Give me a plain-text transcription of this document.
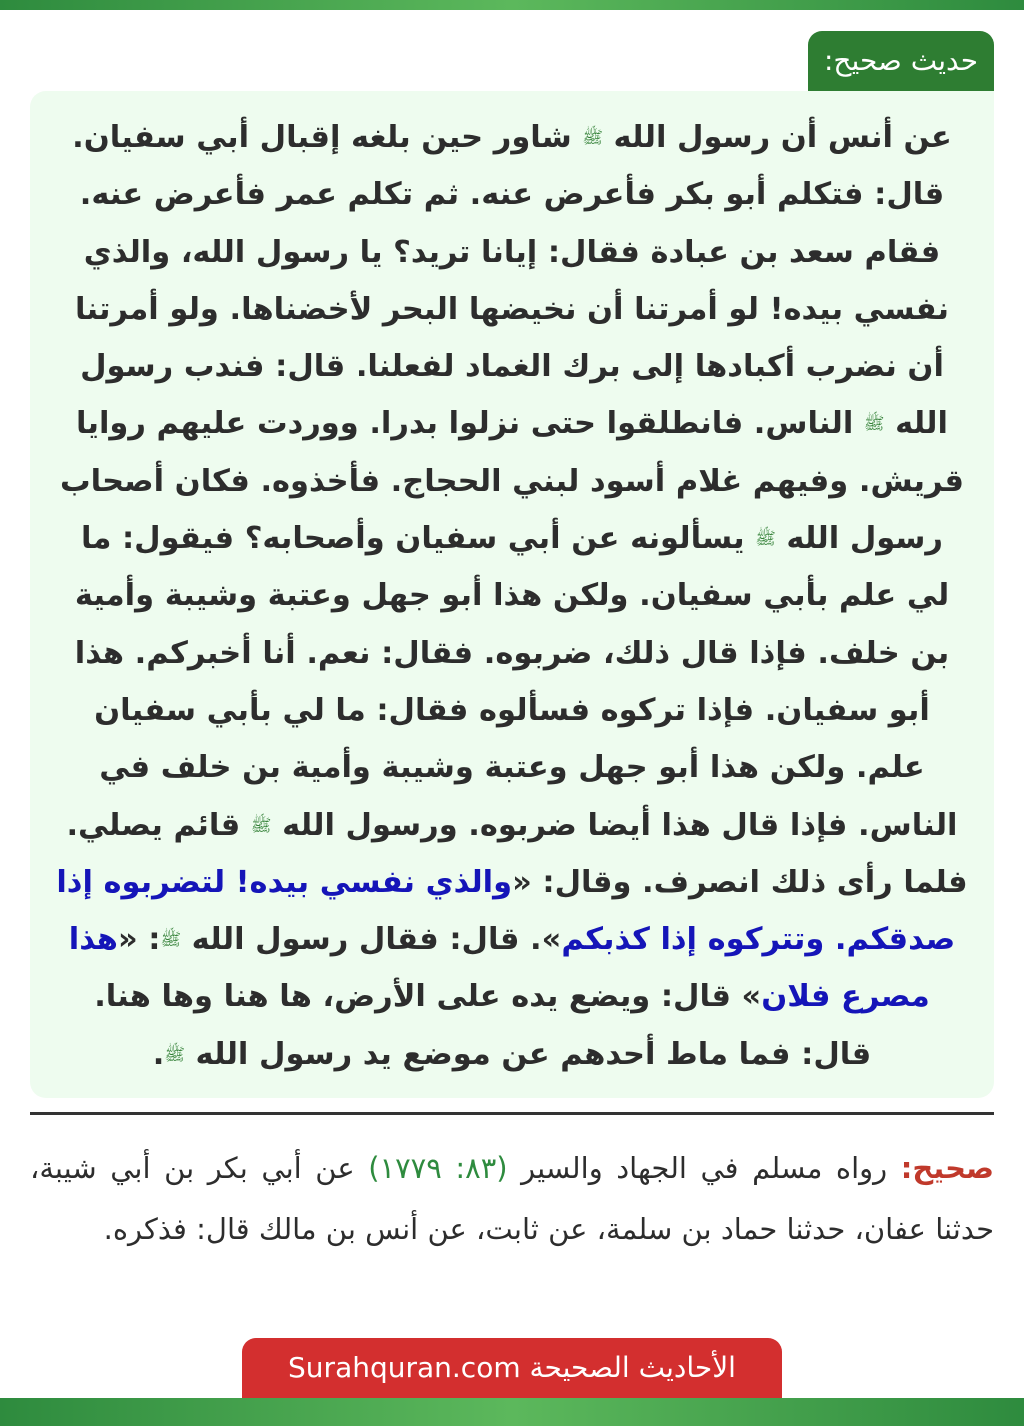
حديث صحيح:

عن أنس أن رسول الله ﷺ شاور حين بلغه إقبال أبي سفيان. قال: فتكلم أبو بكر فأعرض عنه. ثم تكلم عمر فأعرض عنه. فقام سعد بن عبادة فقال: إيانا تريد؟ يا رسول الله، والذي نفسي بيده! لو أمرتنا أن نخيضها البحر لأخضناها. ولو أمرتنا أن نضرب أكبادها إلى برك الغماد لفعلنا. قال: فندب رسول الله ﷺ الناس. فانطلقوا حتى نزلوا بدرا. ووردت عليهم روايا قريش. وفيهم غلام أسود لبني الحجاج. فأخذوه. فكان أصحاب رسول الله ﷺ يسألونه عن أبي سفيان وأصحابه؟ فيقول: ما لي علم بأبي سفيان. ولكن هذا أبو جهل وعتبة وشيبة وأمية بن خلف. فإذا قال ذلك، ضربوه. فقال: نعم. أنا أخبركم. هذا أبو سفيان. فإذا تركوه فسألوه فقال: ما لي بأبي سفيان علم. ولكن هذا أبو جهل وعتبة وشيبة وأمية بن خلف في الناس. فإذا قال هذا أيضا ضربوه. ورسول الله ﷺ قائم يصلي. فلما رأى ذلك انصرف. وقال: «والذي نفسي بيده! لتضربوه إذا صدقكم. وتتركوه إذا كذبكم». قال: فقال رسول الله ﷺ: «هذا مصرع فلان» قال: ويضع يده على الأرض، ها هنا وها هنا. قال: فما ماط أحدهم عن موضع يد رسول الله ﷺ.

صحيح: رواه مسلم في الجهاد والسير (٨٣: ١٧٧٩) عن أبي بكر بن أبي شيبة، حدثنا عفان، حدثنا حماد بن سلمة، عن ثابت، عن أنس بن مالك قال: فذكره.

الأحاديث الصحيحة Surahquran.com
